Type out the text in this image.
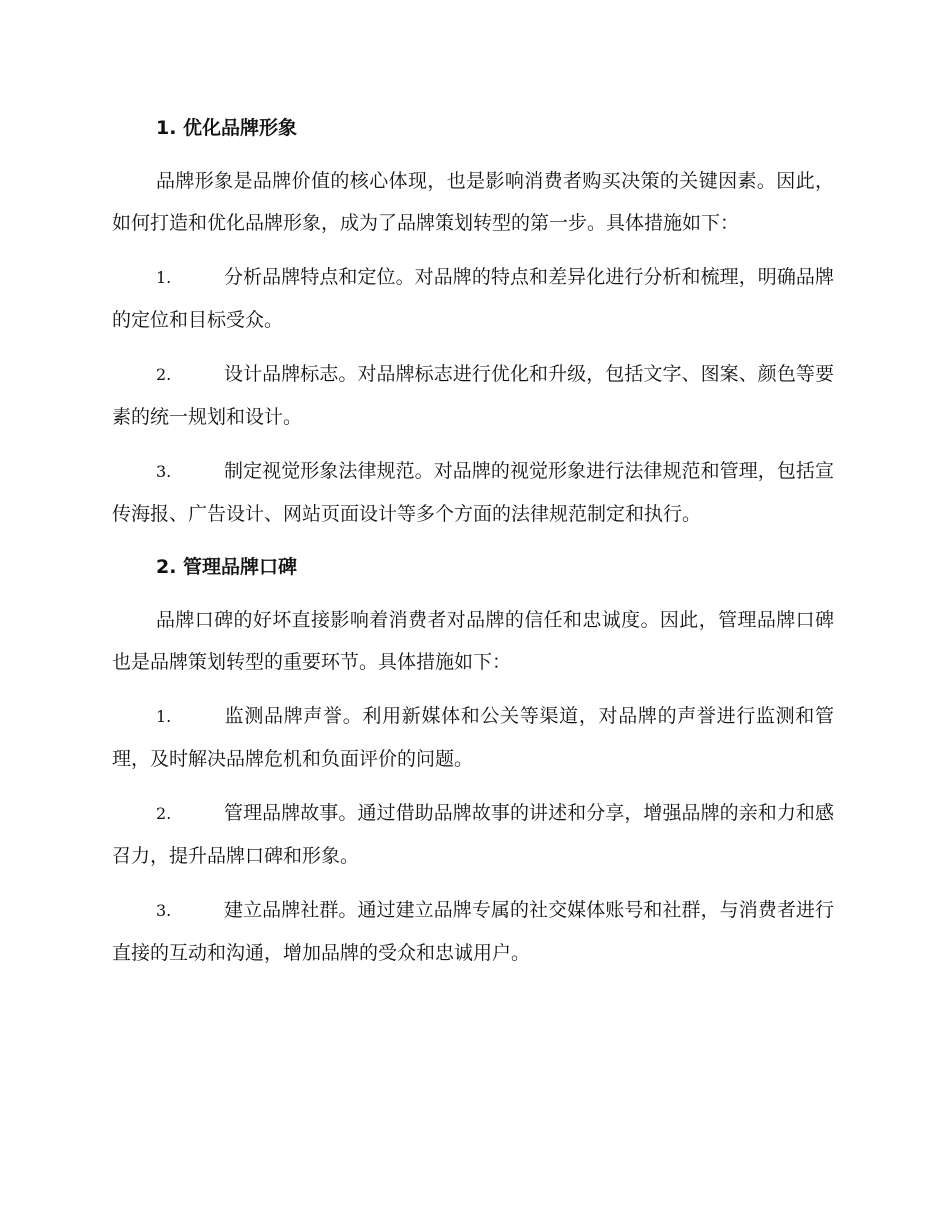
1. 优化品牌形象

品牌形象是品牌价值的核心体现，也是影响消费者购买决策的关键因素。因此，如何打造和优化品牌形象，成为了品牌策划转型的第一步。具体措施如下：

1.	分析品牌特点和定位。对品牌的特点和差异化进行分析和梳理，明确品牌的定位和目标受众。

2.	设计品牌标志。对品牌标志进行优化和升级，包括文字、图案、颜色等要素的统一规划和设计。

3.	制定视觉形象法律规范。对品牌的视觉形象进行法律规范和管理，包括宣传海报、广告设计、网站页面设计等多个方面的法律规范制定和执行。

2. 管理品牌口碑

品牌口碑的好坏直接影响着消费者对品牌的信任和忠诚度。因此，管理品牌口碑也是品牌策划转型的重要环节。具体措施如下：

1.	监测品牌声誉。利用新媒体和公关等渠道，对品牌的声誉进行监测和管理，及时解决品牌危机和负面评价的问题。

2.	管理品牌故事。通过借助品牌故事的讲述和分享，增强品牌的亲和力和感召力，提升品牌口碑和形象。

3.	建立品牌社群。通过建立品牌专属的社交媒体账号和社群，与消费者进行直接的互动和沟通，增加品牌的受众和忠诚用户。
